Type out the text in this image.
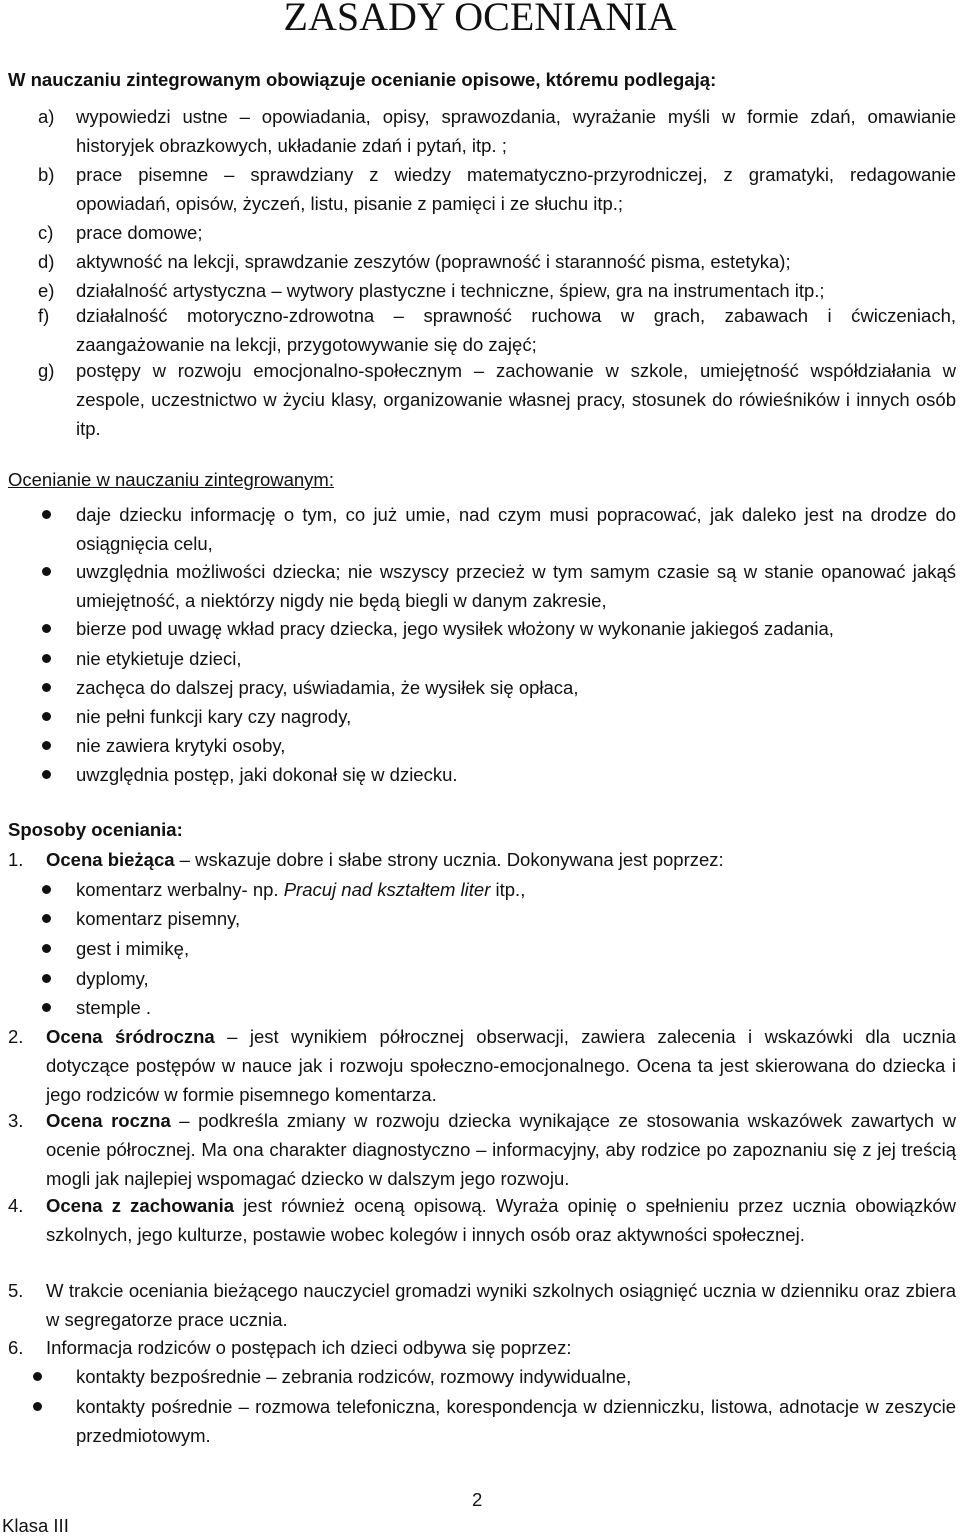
ZASADY OCENIANIA
W nauczaniu zintegrowanym obowiązuje ocenianie opisowe, któremu podlegają:
a) wypowiedzi ustne – opowiadania, opisy, sprawozdania, wyrażanie myśli w formie zdań, omawianie historyjek obrazkowych, układanie zdań i pytań, itp. ;
b) prace pisemne – sprawdziany z wiedzy matematyczno-przyrodniczej, z gramatyki, redagowanie opowiadań, opisów, życzeń, listu, pisanie z pamięci i ze słuchu itp.;
c) prace domowe;
d) aktywność na lekcji, sprawdzanie zeszytów (poprawność i staranność pisma, estetyka);
e) działalność artystyczna – wytwory plastyczne i techniczne, śpiew, gra na instrumentach itp.;
f) działalność motoryczno-zdrowotna – sprawność ruchowa w grach, zabawach i ćwiczeniach, zaangażowanie na lekcji, przygotowywanie się do zajęć;
g) postępy w rozwoju emocjonalno-społecznym – zachowanie w szkole, umiejętność współdziałania w zespole, uczestnictwo w życiu klasy, organizowanie własnej pracy, stosunek do rówieśników i innych osób itp.
Ocenianie w nauczaniu zintegrowanym:
daje dziecku informację o tym, co już umie, nad czym musi popracować, jak daleko jest na drodze do osiągnięcia celu,
uwzględnia możliwości dziecka; nie wszyscy przecież w tym samym czasie są w stanie opanować jakąś umiejętność, a niektórzy nigdy nie będą biegli w danym zakresie,
bierze pod uwagę wkład pracy dziecka, jego wysiłek włożony w wykonanie jakiegoś zadania,
nie etykietuje dzieci,
zachęca do dalszej pracy, uświadamia, że wysiłek się opłaca,
nie pełni funkcji kary czy nagrody,
nie zawiera krytyki osoby,
uwzględnia postęp, jaki dokonał się w dziecku.
Sposoby oceniania:
1. Ocena bieżąca – wskazuje dobre i słabe strony ucznia. Dokonywana jest poprzez:
komentarz werbalny- np. Pracuj nad kształtem liter itp.,
komentarz pisemny,
gest i mimikę,
dyplomy,
stemple .
2. Ocena śródroczna – jest wynikiem półrocznej obserwacji, zawiera zalecenia i wskazówki dla ucznia dotyczące postępów w nauce jak i rozwoju społeczno-emocjonalnego. Ocena ta jest skierowana do dziecka i jego rodziców w formie pisemnego komentarza.
3. Ocena roczna – podkreśla zmiany w rozwoju dziecka wynikające ze stosowania wskazówek zawartych w ocenie półrocznej. Ma ona charakter diagnostyczno – informacyjny, aby rodzice po zapoznaniu się z jej treścią mogli jak najlepiej wspomagać dziecko w dalszym jego rozwoju.
4. Ocena z zachowania jest również oceną opisową. Wyraża opinię o spełnieniu przez ucznia obowiązków szkolnych, jego kulturze, postawie wobec kolegów i innych osób oraz aktywności społecznej.
5. W trakcie oceniania bieżącego nauczyciel gromadzi wyniki szkolnych osiągnięć ucznia w dzienniku oraz zbiera w segregatorze prace ucznia.
6. Informacja rodziców o postępach ich dzieci odbywa się poprzez:
kontakty bezpośrednie – zebrania rodziców, rozmowy indywidualne,
kontakty pośrednie – rozmowa telefoniczna, korespondencja w dzienniczku, listowa, adnotacje w zeszycie przedmiotowym.
2
Klasa III
